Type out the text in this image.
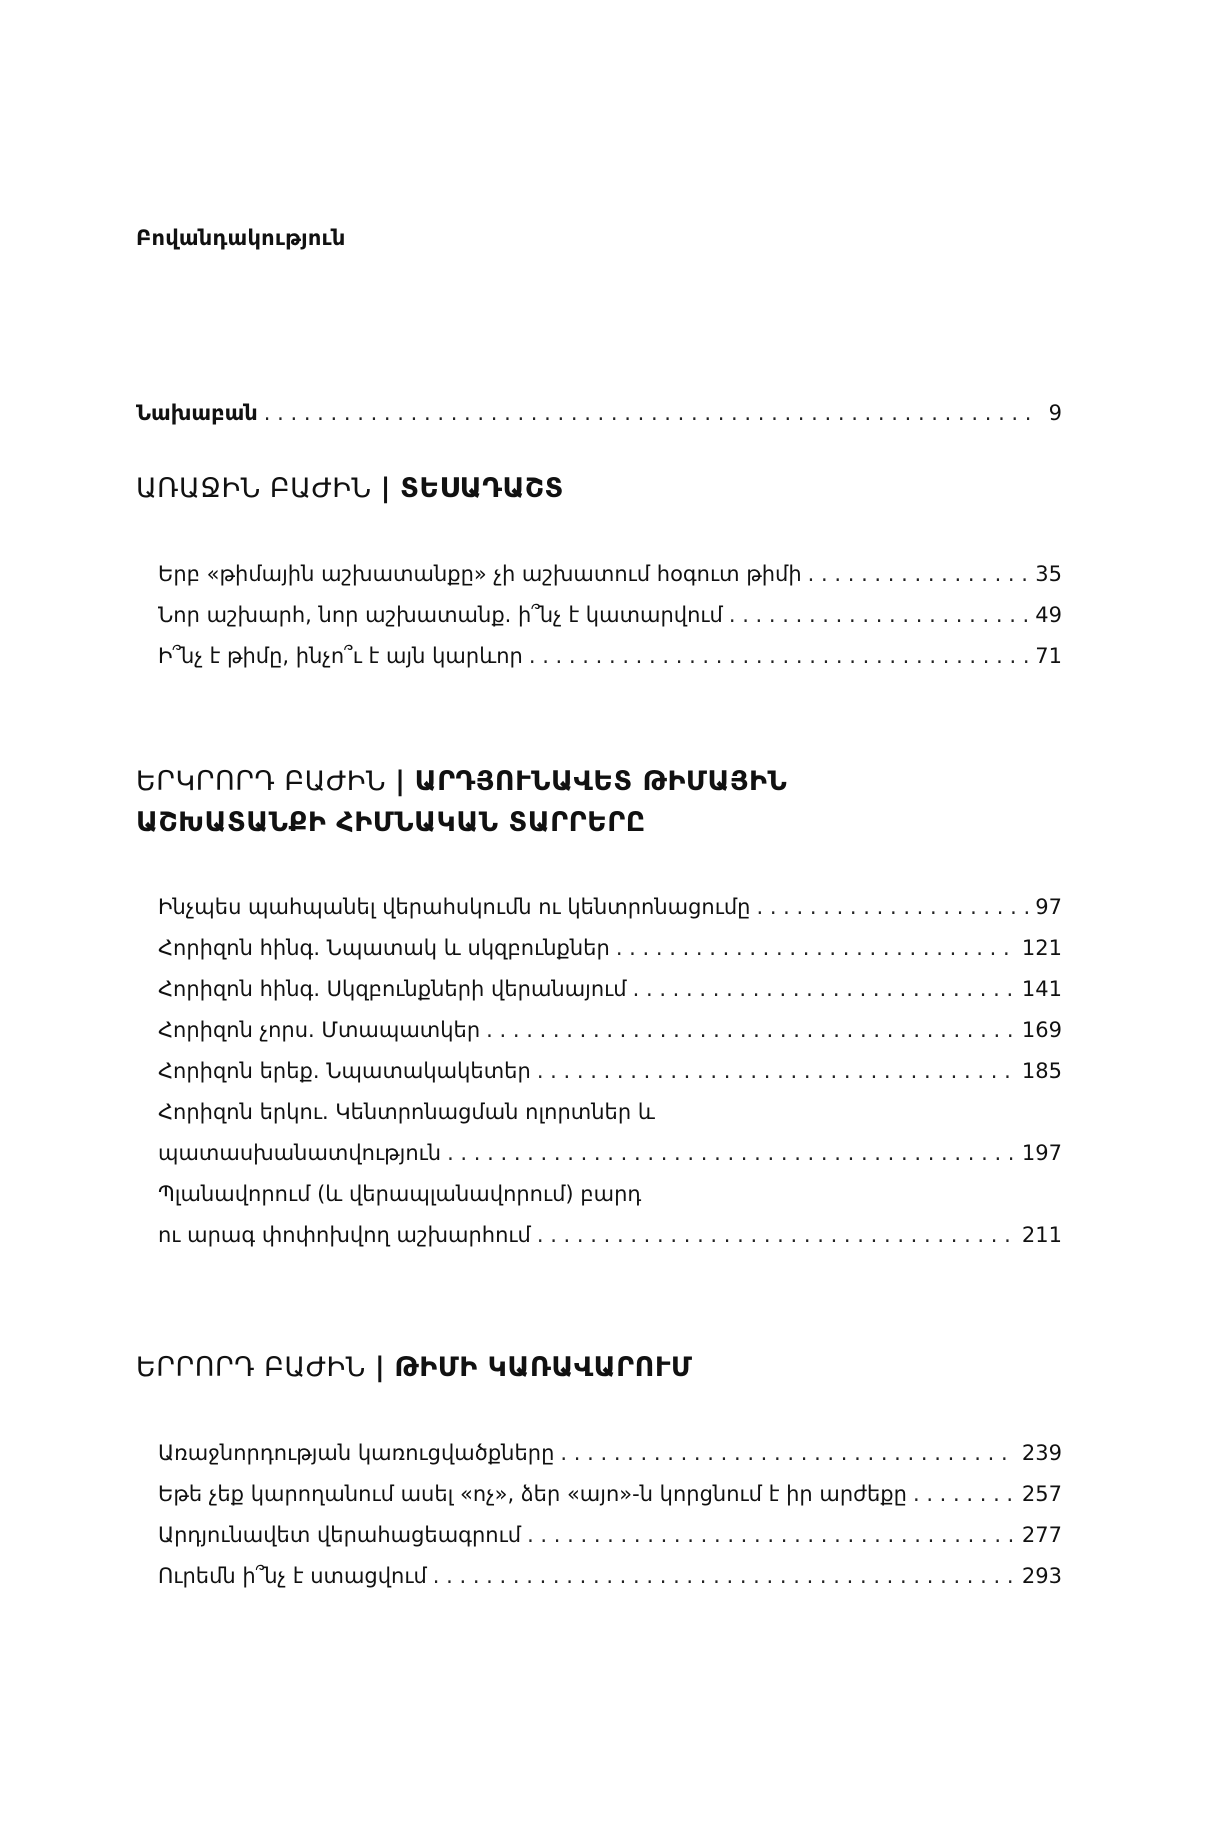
Բովանդակություն
Նախաբան . . .	9
ԱՌԱՋԻՆ ԲԱԺԻՆ | ՏԵՍԱԴԱՇՏ
Երբ «թիմային աշխատանքը» չի աշխատում հօգուտ թիմի . . .	35
Նոր աշխարհ, նոր աշխատանք. ի՞նչ է կատարվում . . .	49
Ի՞նչ է թիմը, ինչո՞ւ է այն կարևոր . . .	71
ԵՐԿՐՈՐԴ ԲԱԺԻՆ | ԱՐԴՅՈՒՆԱՎԵՏ ԹԻՄԱՅԻՆ
ԱՇԽԱՏԱՆՔԻ ՀԻՄՆԱԿԱՆ ՏԱՐՐԵՐԸ
Ինչպես պահպանել վերահսկումն ու կենտրոնացումը . . .	97
Հորիզոն հինգ. Նպատակ և սկզբունքներ . . .	121
Հորիզոն հինգ. Սկզբունքների վերանայում . . .	141
Հորիզոն չորս. Մտապատկեր . . .	169
Հորիզոն երեք. Նպատակակետեր . . .	185
Հորիզոն երկու. Կենտրոնացման ոլորտներ և
պատասխանատվություն . . .	197
Պլանավորում (և վերապլանավորում) բարդ
ու արագ փոփոխվող աշխարհում . . .	211
ԵՐՐՈՐԴ ԲԱԺԻՆ | ԹԻՄԻ ԿԱՌԱՎԱՐՈՒՄ
Առաջնորդության կառուցվածքները . . .	239
Եթե չեք կարողանում ասել «ոչ», ձեր «այո»-ն կորցնում է իր արժեքը . . .	257
Արդյունավետ վերահացեագրում . . .	277
Ուրեմն ի՞նչ է ստացվում . . .	293
